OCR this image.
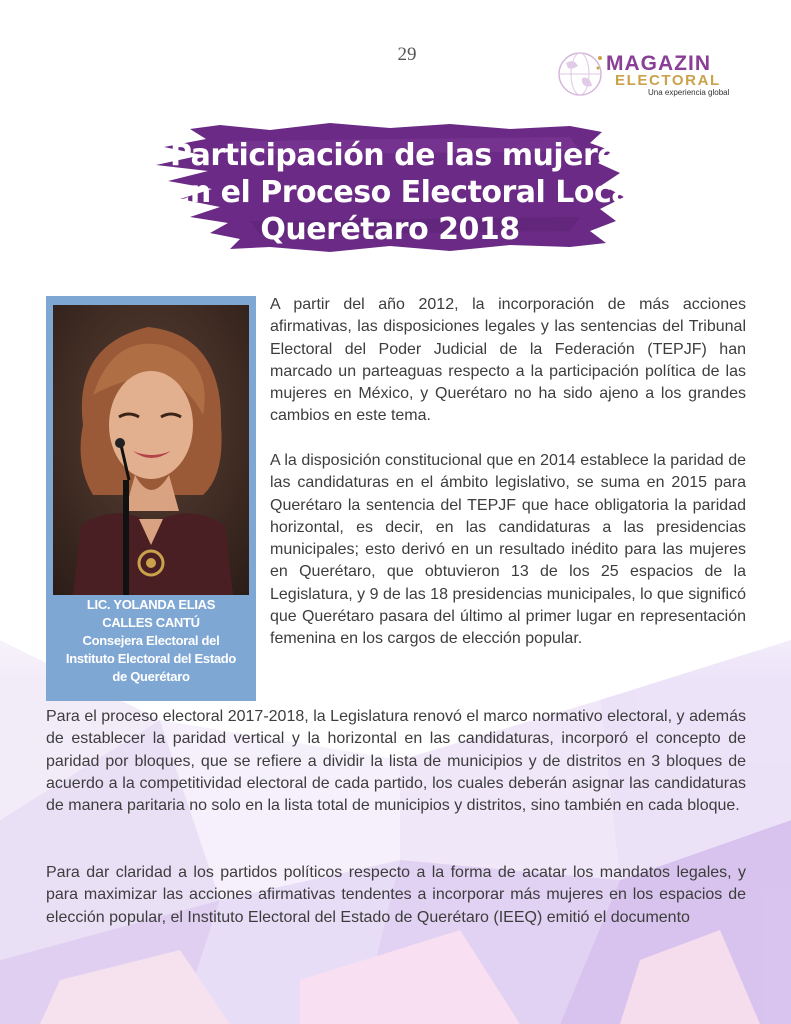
29	MAGAZIN
ELECTORAL
Una experiencia global
Participación de las mujeres
en el Proceso Electoral Local
Querétaro 2018
LIC. YOLANDA ELIAS
CALLES CANTÚ
Consejera Electoral del
Instituto Electoral del Estado
de Querétaro

A partir del año 2012, la incorporación de más acciones afirmativas, las disposiciones legales y las sentencias del Tribunal Electoral del Poder Judicial de la Federación (TEPJF) han marcado un parteaguas respecto a la participación política de las mujeres en México, y Querétaro no ha sido ajeno a los grandes cambios en este tema.

A la disposición constitucional que en 2014 establece la paridad de las candidaturas en el ámbito legislativo, se suma en 2015 para Querétaro la sentencia del TEPJF que hace obligatoria la paridad horizontal, es decir, en las candidaturas a las presidencias municipales; esto derivó en un resultado inédito para las mujeres en Querétaro, que obtuvieron 13 de los 25 espacios de la Legislatura, y 9 de las 18 presidencias municipales, lo que significó que Querétaro pasara del último al primer lugar en representación femenina en los cargos de elección popular.

Para el proceso electoral 2017-2018, la Legislatura renovó el marco normativo electoral, y además de establecer la paridad vertical y la horizontal en las candidaturas, incorporó el concepto de paridad por bloques, que se refiere a dividir la lista de municipios y de distritos en 3 bloques de acuerdo a la competitividad electoral de cada partido, los cuales deberán asignar las candidaturas de manera paritaria no solo en la lista total de municipios y distritos, sino también en cada bloque.

Para dar claridad a los partidos políticos respecto a la forma de acatar los mandatos legales, y para maximizar las acciones afirmativas tendentes a incorporar más mujeres en los espacios de elección popular, el Instituto Electoral del Estado de Querétaro (IEEQ) emitió el documento
